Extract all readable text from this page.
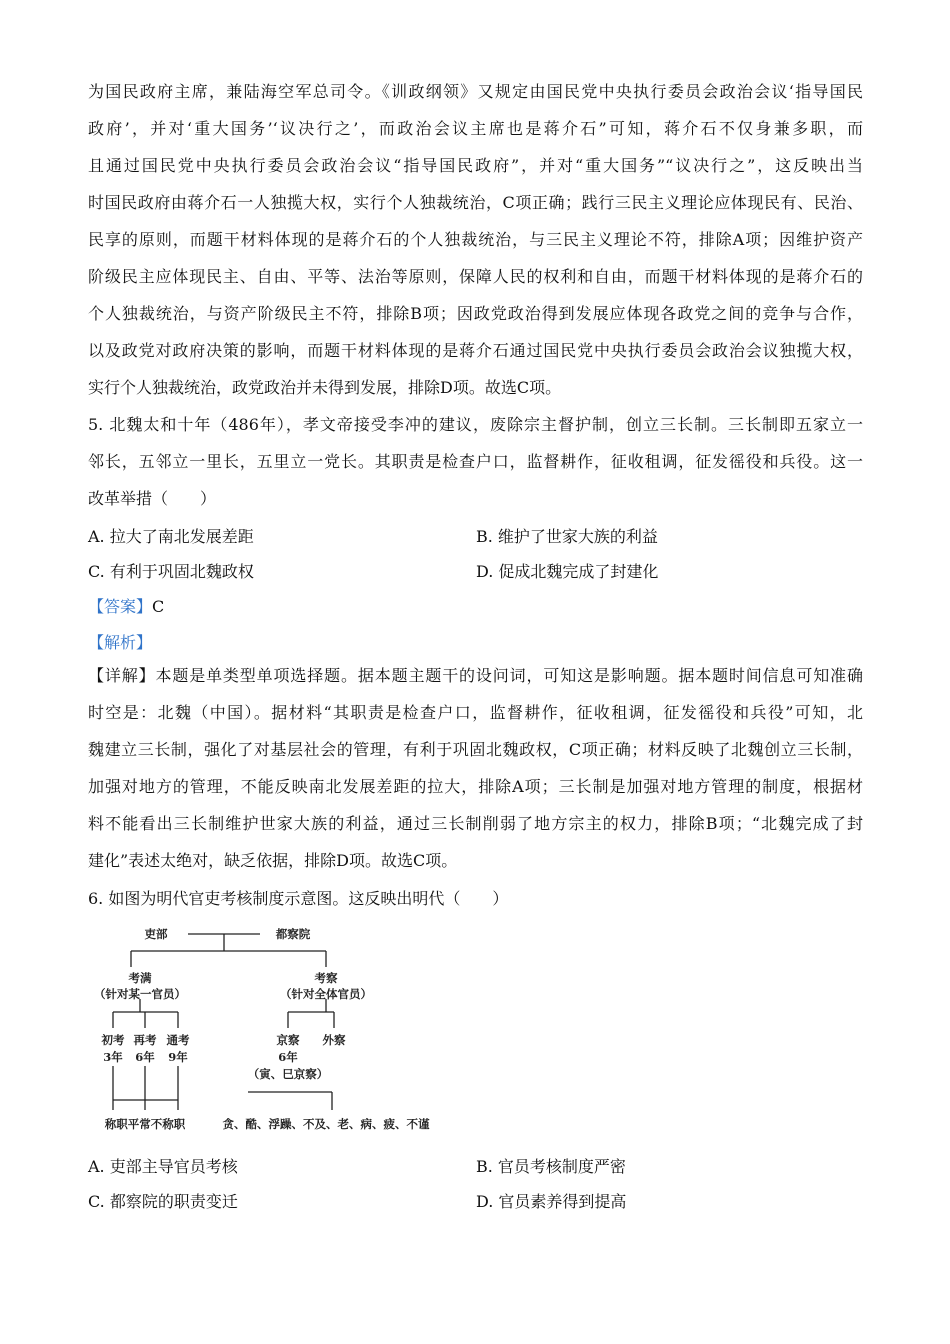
为国民政府主席，兼陆海空军总司令。《训政纲领》又规定由国民党中央执行委员会政治会议‘指导国民
政府’，并对‘重大国务’‘议决行之’，而政治会议主席也是蒋介石”可知，蒋介石不仅身兼多职，而
且通过国民党中央执行委员会政治会议“指导国民政府”，并对“重大国务”“议决行之”，这反映出当
时国民政府由蒋介石一人独揽大权，实行个人独裁统治，C项正确；践行三民主义理论应体现民有、民治、
民享的原则，而题干材料体现的是蒋介石的个人独裁统治，与三民主义理论不符，排除A项；因维护资产
阶级民主应体现民主、自由、平等、法治等原则，保障人民的权利和自由，而题干材料体现的是蒋介石的
个人独裁统治，与资产阶级民主不符，排除B项；因政党政治得到发展应体现各政党之间的竞争与合作，
以及政党对政府决策的影响，而题干材料体现的是蒋介石通过国民党中央执行委员会政治会议独揽大权，
实行个人独裁统治，政党政治并未得到发展，排除D项。故选C项。
5. 北魏太和十年（486年），孝文帝接受李冲的建议，废除宗主督护制，创立三长制。三长制即五家立一
邻长，五邻立一里长，五里立一党长。其职责是检查户口，监督耕作，征收租调，征发徭役和兵役。这一
改革举措（　　）
A. 拉大了南北发展差距	B. 维护了世家大族的利益
C. 有利于巩固北魏政权	D. 促成北魏完成了封建化
【答案】C
【解析】
【详解】本题是单类型单项选择题。据本题主题干的设问词，可知这是影响题。据本题时间信息可知准确
时空是：北魏（中国）。据材料“其职责是检查户口，监督耕作，征收租调，征发徭役和兵役”可知，北
魏建立三长制，强化了对基层社会的管理，有利于巩固北魏政权，C项正确；材料反映了北魏创立三长制，
加强对地方的管理，不能反映南北发展差距的拉大，排除A项；三长制是加强对地方管理的制度，根据材
料不能看出三长制维护世家大族的利益，通过三长制削弱了地方宗主的权力，排除B项；“北魏完成了封
建化”表述太绝对，缺乏依据，排除D项。故选C项。
6. 如图为明代官吏考核制度示意图。这反映出明代（　　）
吏部	都察院
考满
（针对某一官员）
考察
（针对全体官员）
初考
3年
再考
6年
通考
9年
京察
6年
（寅、巳京察）
外察
称职平常不称职	贪、酷、浮躁、不及、老、病、疲、不谨
A. 吏部主导官员考核	B. 官员考核制度严密
C. 都察院的职责变迁	D. 官员素养得到提高
